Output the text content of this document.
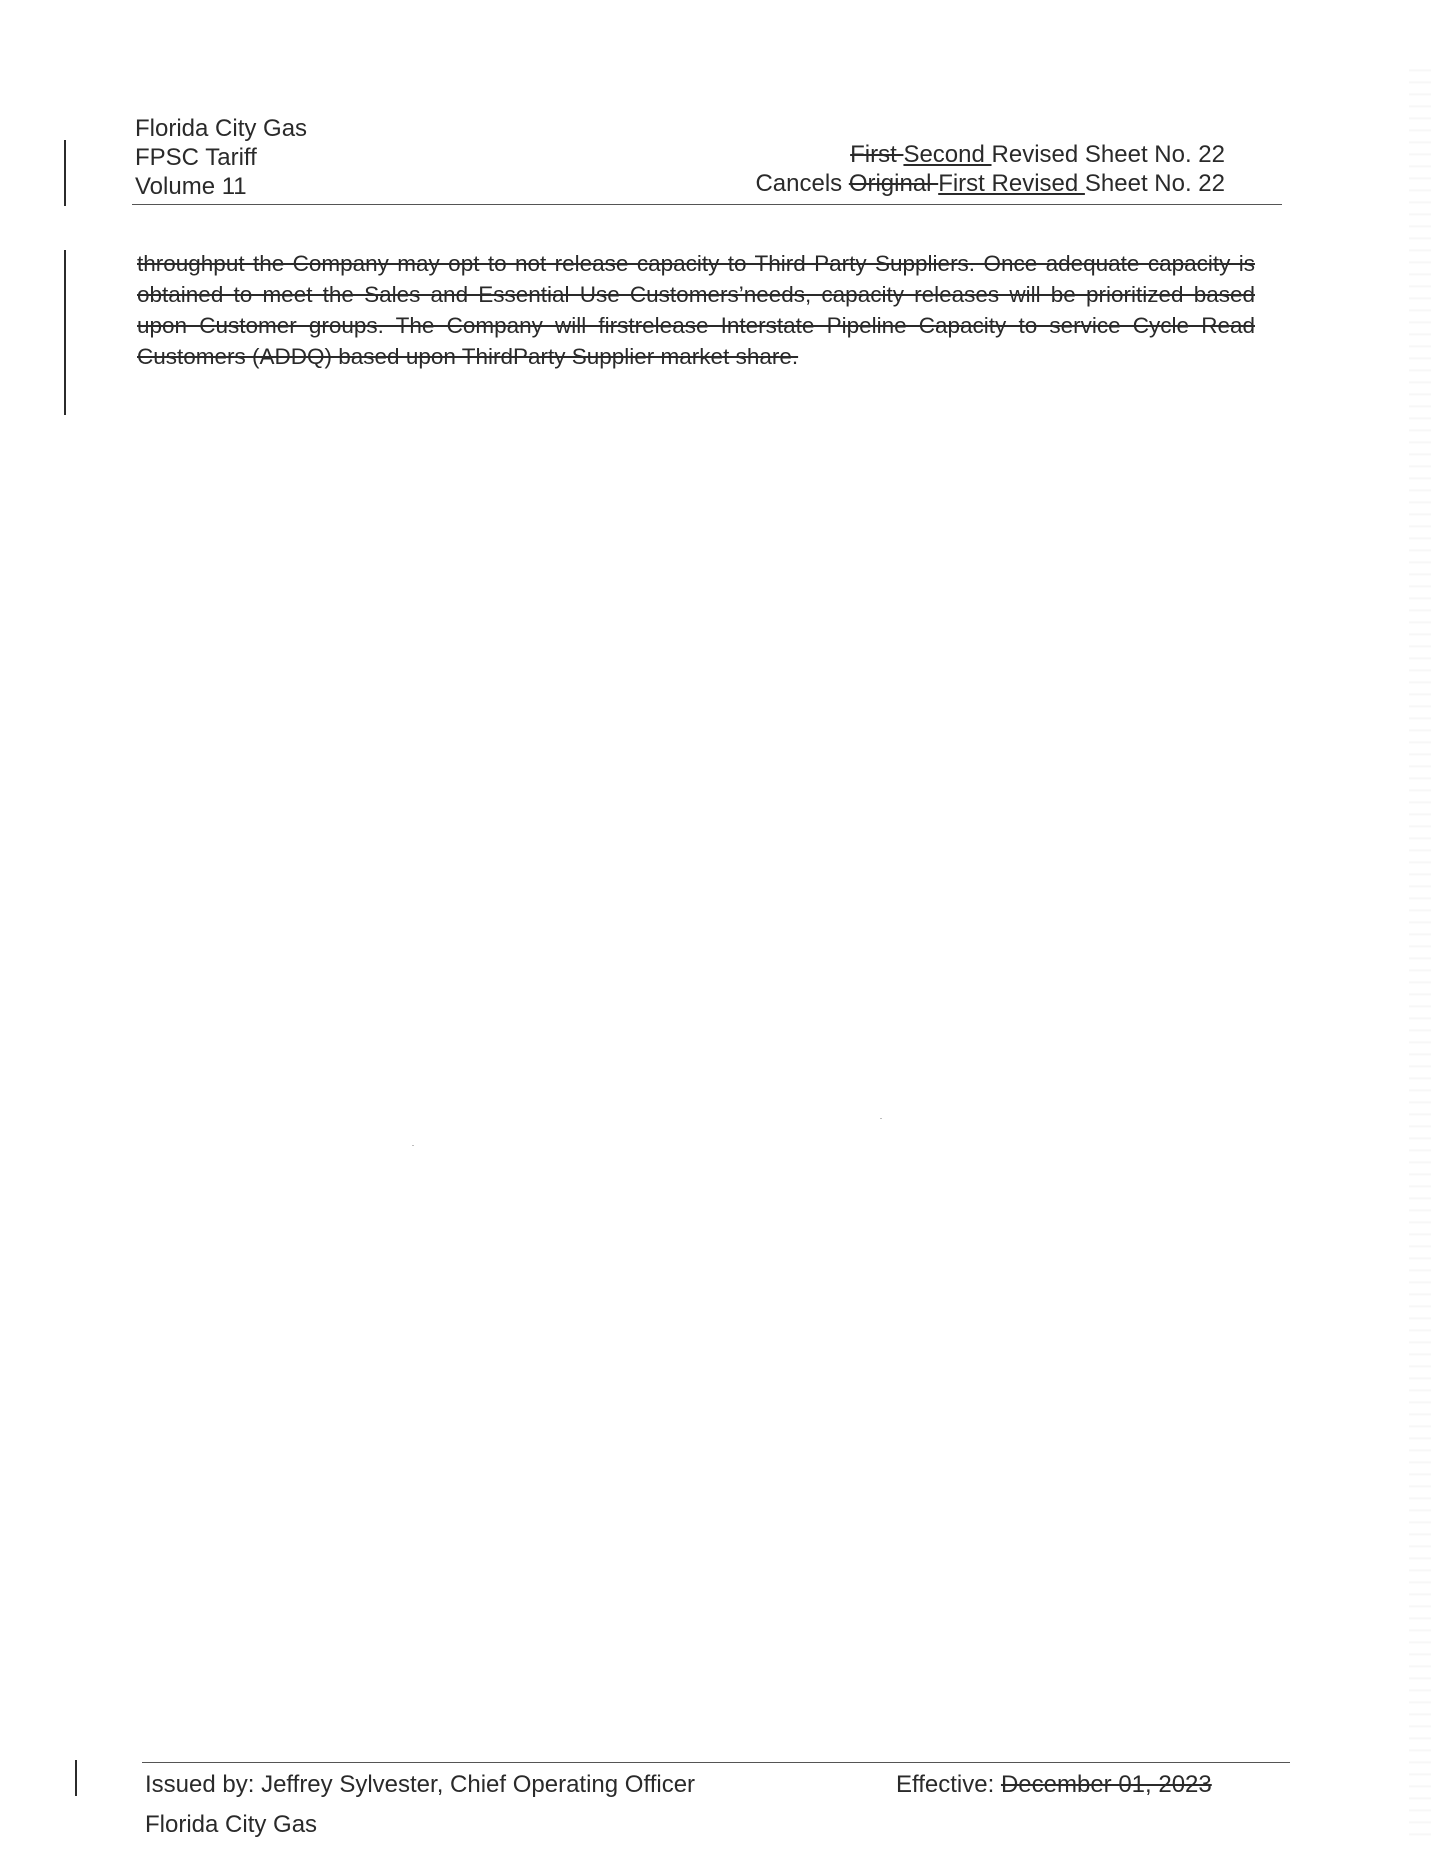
Florida City Gas
FPSC Tariff
Volume 11
First Second Revised Sheet No. 22
Cancels Original First Revised Sheet No. 22
throughput the Company may opt to not release capacity to Third Party Suppliers. Once adequate capacity is obtained to meet the Sales and Essential Use Customers’needs, capacity releases will be prioritized based upon Customer groups. The Company will firstrelease Interstate Pipeline Capacity to service Cycle Read Customers (ADDQ) based upon ThirdParty Supplier market share.
Issued by: Jeffrey Sylvester, Chief Operating Officer
Florida City Gas
Effective: December 01, 2023
